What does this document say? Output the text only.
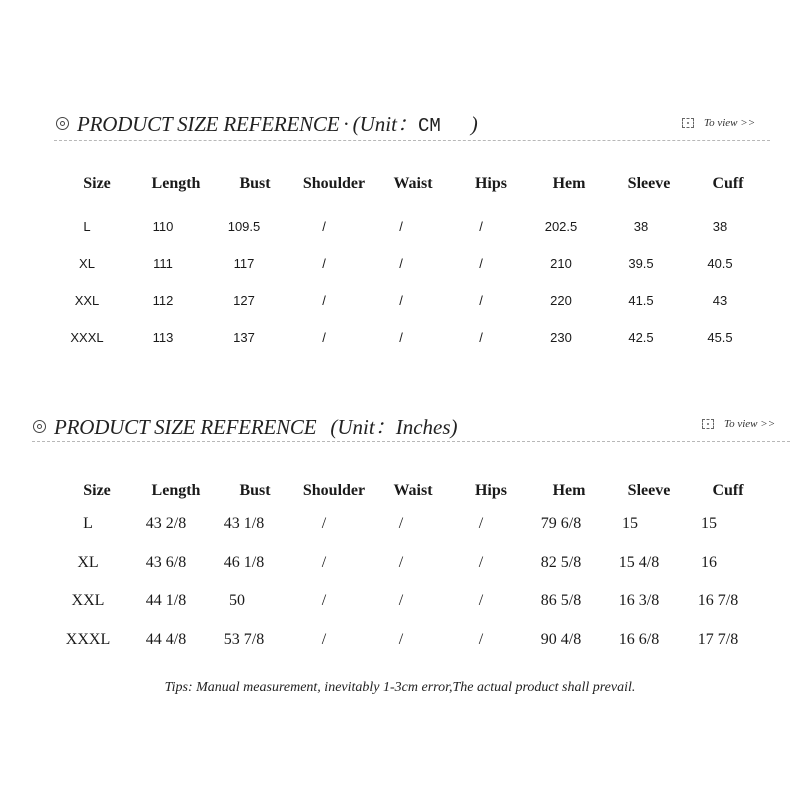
PRODUCT SIZE REFERENCE · (Unit：CM )	To view >>
Size	Length	Bust	Shoulder	Waist	Hips	Hem	Sleeve	Cuff
L	110	109.5	/	/	/	202.5	38	38
XL	111	117	/	/	/	210	39.5	40.5
XXL	112	127	/	/	/	220	41.5	43
XXXL	113	137	/	/	/	230	42.5	45.5
PRODUCT SIZE REFERENCE (Unit：Inches)	To view >>
Size	Length	Bust	Shoulder	Waist	Hips	Hem	Sleeve	Cuff
L	43 2/8	43 1/8	/	/	/	79 6/8	15	15
XL	43 6/8	46 1/8	/	/	/	82 5/8	15 4/8	16
XXL	44 1/8	50	/	/	/	86 5/8	16 3/8	16 7/8
XXXL	44 4/8	53 7/8	/	/	/	90 4/8	16 6/8	17 7/8
Tips: Manual measurement, inevitably 1-3cm error,The actual product shall prevail.
